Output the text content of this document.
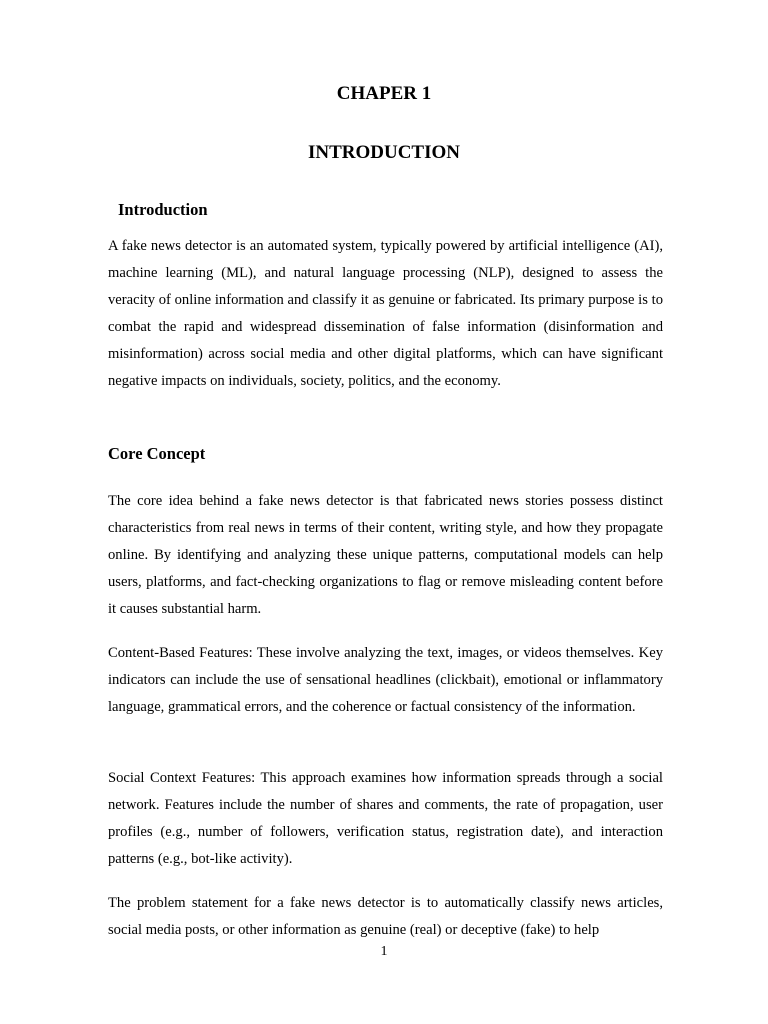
CHAPER 1
INTRODUCTION
Introduction

A fake news detector is an automated system, typically powered by artificial intelligence (AI), machine learning (ML), and natural language processing (NLP), designed to assess the veracity of online information and classify it as genuine or fabricated. Its primary purpose is to combat the rapid and widespread dissemination of false information (disinformation and misinformation) across social media and other digital platforms, which can have significant negative impacts on individuals, society, politics, and the economy.

Core Concept

The core idea behind a fake news detector is that fabricated news stories possess distinct characteristics from real news in terms of their content, writing style, and how they propagate online. By identifying and analyzing these unique patterns, computational models can help users, platforms, and fact-checking organizations to flag or remove misleading content before it causes substantial harm.

Content-Based Features: These involve analyzing the text, images, or videos themselves. Key indicators can include the use of sensational headlines (clickbait), emotional or inflammatory language, grammatical errors, and the coherence or factual consistency of the information.

Social Context Features: This approach examines how information spreads through a social network. Features include the number of shares and comments, the rate of propagation, user profiles (e.g., number of followers, verification status, registration date), and interaction patterns (e.g., bot-like activity).

The problem statement for a fake news detector is to automatically classify news articles, social media posts, or other information as genuine (real) or deceptive (fake) to help

1
